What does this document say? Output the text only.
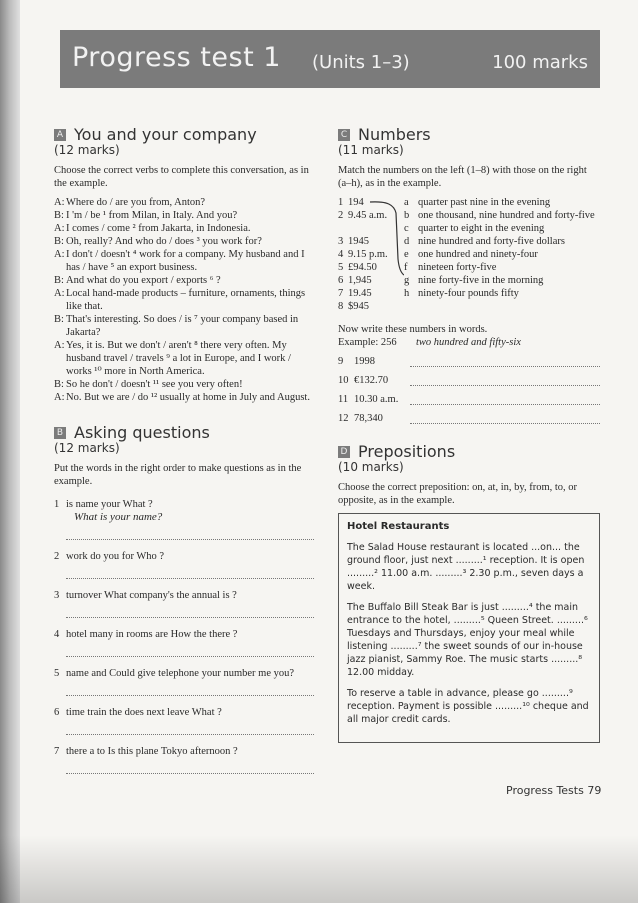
Progress test 1 (Units 1–3)	100 marks
A You and your company
(12 marks)
Choose the correct verbs to complete this conversation, as in the example.
A: Where do / are you from, Anton?
B: I 'm / be ¹ from Milan, in Italy. And you?
A: I comes / come ² from Jakarta, in Indonesia.
B: Oh, really? And who do / does ³ you work for?
A: I don't / doesn't ⁴ work for a company. My husband and I has / have ⁵ an export business.
B: And what do you export / exports ⁶ ?
A: Local hand-made products – furniture, ornaments, things like that.
B: That's interesting. So does / is ⁷ your company based in Jakarta?
A: Yes, it is. But we don't / aren't ⁸ there very often. My husband travel / travels ⁹ a lot in Europe, and I work / works ¹⁰ more in North America.
B: So he don't / doesn't ¹¹ see you very often!
A: No. But we are / do ¹² usually at home in July and August.
B Asking questions
(12 marks)
Put the words in the right order to make questions as in the example.
1 is name your What ?
What is your name?
2 work do you for Who ?
3 turnover What company's the annual is ?
4 hotel many in rooms are How the there ?
5 name and Could give telephone your number me you?
6 time train the does next leave What ?
7 there a to Is this plane Tokyo afternoon ?
C Numbers
(11 marks)
Match the numbers on the left (1–8) with those on the right (a–h), as in the example.
1 194
2 9.45 a.m.
3 1945
4 9.15 p.m.
5 £94.50
6 1,945
7 19.45
8 $945
a quarter past nine in the evening
b one thousand, nine hundred and forty-five
c quarter to eight in the evening
d nine hundred and forty-five dollars
e one hundred and ninety-four
f	nineteen forty-five
g nine forty-five in the morning
h ninety-four pounds fifty
Now write these numbers in words.
Example: 256	two hundred and fifty-six
9	1998
10 €132.70
11 10.30 a.m.
12 78,340
D Prepositions
(10 marks)
Choose the correct preposition: on, at, in, by, from, to, or opposite, as in the example.
Hotel Restaurants

The Salad House restaurant is located ...on... the ground floor, just next .........¹ reception. It is open .........² 11.00 a.m. .........³ 2.30 p.m., seven days a week.

The Buffalo Bill Steak Bar is just .........⁴ the main entrance to the hotel, .........⁵ Queen Street. .........⁶ Tuesdays and Thursdays, enjoy your meal while listening .........⁷ the sweet sounds of our in-house jazz pianist, Sammy Roe. The music starts .........⁸ 12.00 midday.

To reserve a table in advance, please go .........⁹ reception. Payment is possible .........¹⁰ cheque and all major credit cards.

Progress Tests 79
